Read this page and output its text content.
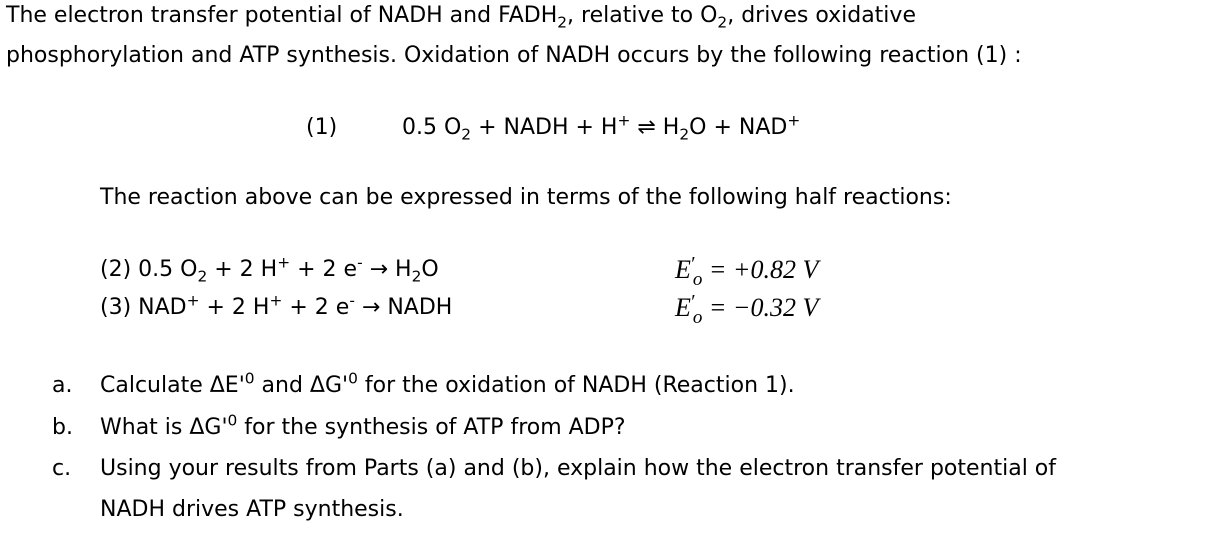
The electron transfer potential of NADH and $FADH_2$, relative to $O_2$, drives oxidative
phosphorylation and ATP synthesis. Oxidation of NADH occurs by the following reaction (1) :
(1)	0.5 $O_2$ + NADH + H+ ⇌ $H_2O + NAD^+$
The reaction above can be expressed in terms of the following half reactions:
(2) 0.5 $O_2 + 2$ H+ + 2 $e^- \to H_2O$	E ′
$_o$ = +0.82 V
(3) NAD+ + 2 H+ + 2 e- → NADH	E ′
$_o$ = −0.32 V
a. Calculate $\Delta E'^0$ and $\Delta G'^0$ for the oxidation of NADH (Reaction 1).
b. What is $\Delta G'^0$ for the synthesis of ATP from ADP?
c. Using your results from Parts (a) and (b), explain how the electron transfer potential of
NADH drives ATP synthesis.
